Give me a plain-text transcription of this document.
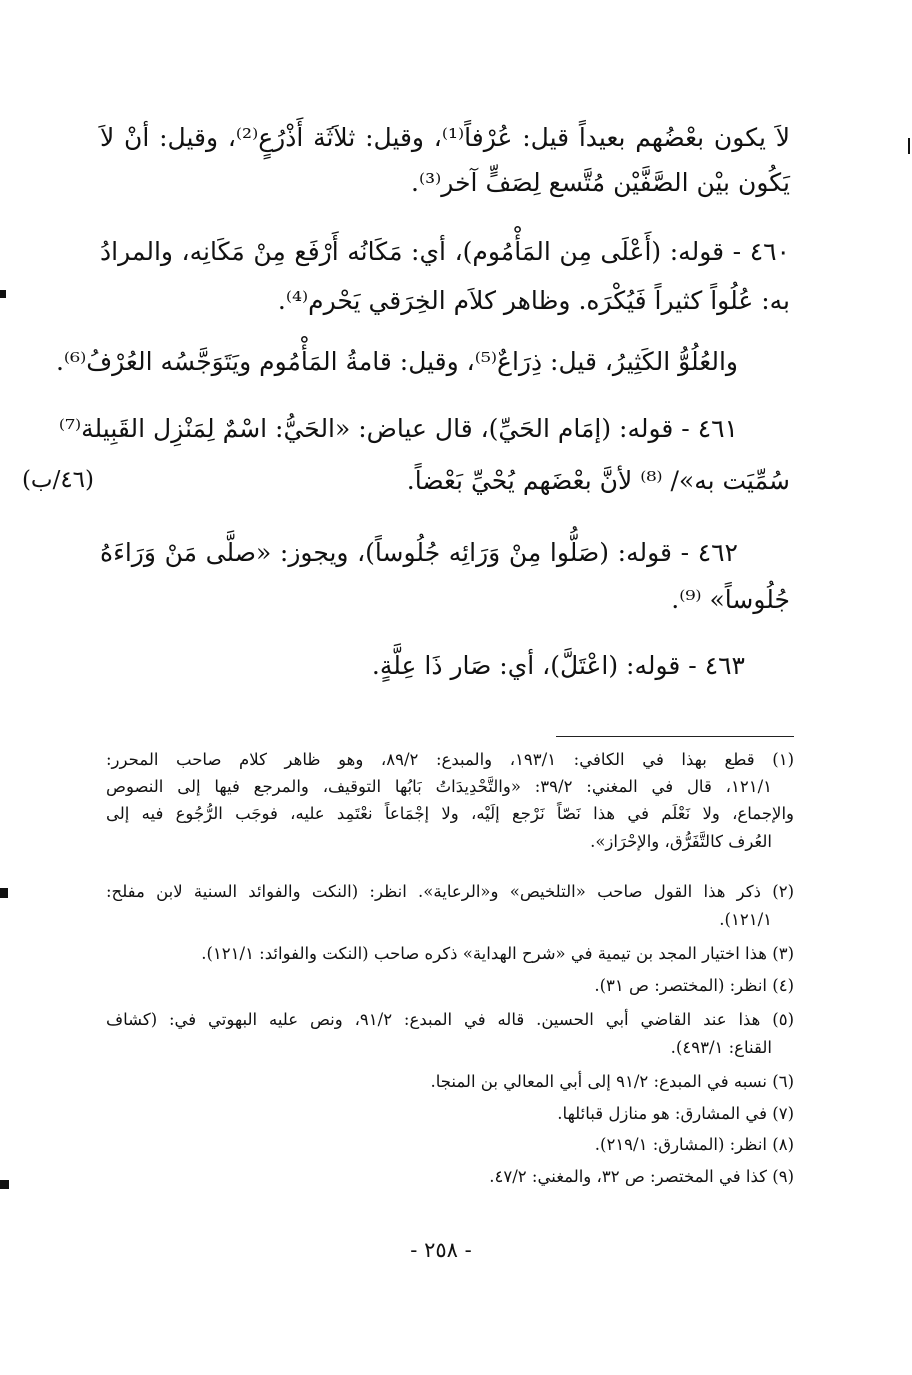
لاَ يكون بعْضُهم بعيداً قيل: عُرْفاً⁽¹⁾، وقيل: ثلاَثَة أَذْرُعٍ⁽²⁾، وقيل: أنْ لاَ
يَكُون بيْن الصَّفَّيْن مُتَّسع لِصَفٍّ آخر⁽³⁾.
٤٦٠ - قوله: (أَعْلَى مِن المَأْمُوم)، أي: مَكَانُه أَرْفَع مِنْ مَكَانِه، والمرادُ
به: عُلُواً كثيراً فَيُكْرَه. وظاهر كلاَم الخِرَقي يَحْرم⁽⁴⁾.
والعُلُوُّ الكَثِيرُ، قيل: ذِرَاعٌ⁽⁵⁾، وقيل: قامةُ المَأْمُوم ويَتَوَجَّسُه العُرْفُ⁽⁶⁾.
٤٦١ - قوله: (إمَام الحَيِّ)، قال عياض: «الحَيُّ: اسْمٌ لِمَنْزِل القَبِيلة⁽⁷⁾
سُمِّيَت به»/ ⁽⁸⁾ لأنَّ بعْضَهم يُحْيِّ بَعْضاً.
(٤٦/ب)
٤٦٢ - قوله: (صَلُّوا مِنْ وَرَائِه جُلُوساً)، ويجوز: «صلَّى مَنْ وَرَاءَهُ
جُلُوساً» ⁽⁹⁾.
٤٦٣ - قوله: (اعْتَلَّ)، أي: صَار ذَا عِلَّةٍ.
(١) قطع بهذا في الكافي: ١٩٣/١، والمبدع: ٨٩/٢، وهو ظاهر كلام صاحب المحرر:
١٢١/١، قال في المغني: ٣٩/٢: «والتَّحْدِيدَاتُ بَابُها التوقيف، والمرجع فيها إلى النصوص
والإجماع، ولا نَعْلَم في هذا نَصّاً نَرْجع إلَيْه، ولا إجْمَاعاً نعْتَمِد عليه، فوجَب الرُّجُوع فيه إلى
العُرف كالتَّفَرُّق، والإحْرَاز».
(٢) ذكر هذا القول صاحب «التلخيص» و«الرعاية». انظر: (النكت والفوائد السنية لابن مفلح:
١٢١/١).
(٣) هذا اختيار المجد بن تيمية في «شرح الهداية» ذكره صاحب (النكت والفوائد: ١٢١/١).
(٤) انظر: (المختصر: ص ٣١).
(٥) هذا عند القاضي أبي الحسين. قاله في المبدع: ٩١/٢، ونص عليه البهوتي في: (كشاف
القناع: ٤٩٣/١).
(٦) نسبه في المبدع: ٩١/٢ إلى أبي المعالي بن المنجا.
(٧) في المشارق: هو منازل قبائلها.
(٨) انظر: (المشارق: ٢١٩/١).
(٩) كذا في المختصر: ص ٣٢، والمغني: ٤٧/٢.
- ٢٥٨ -
